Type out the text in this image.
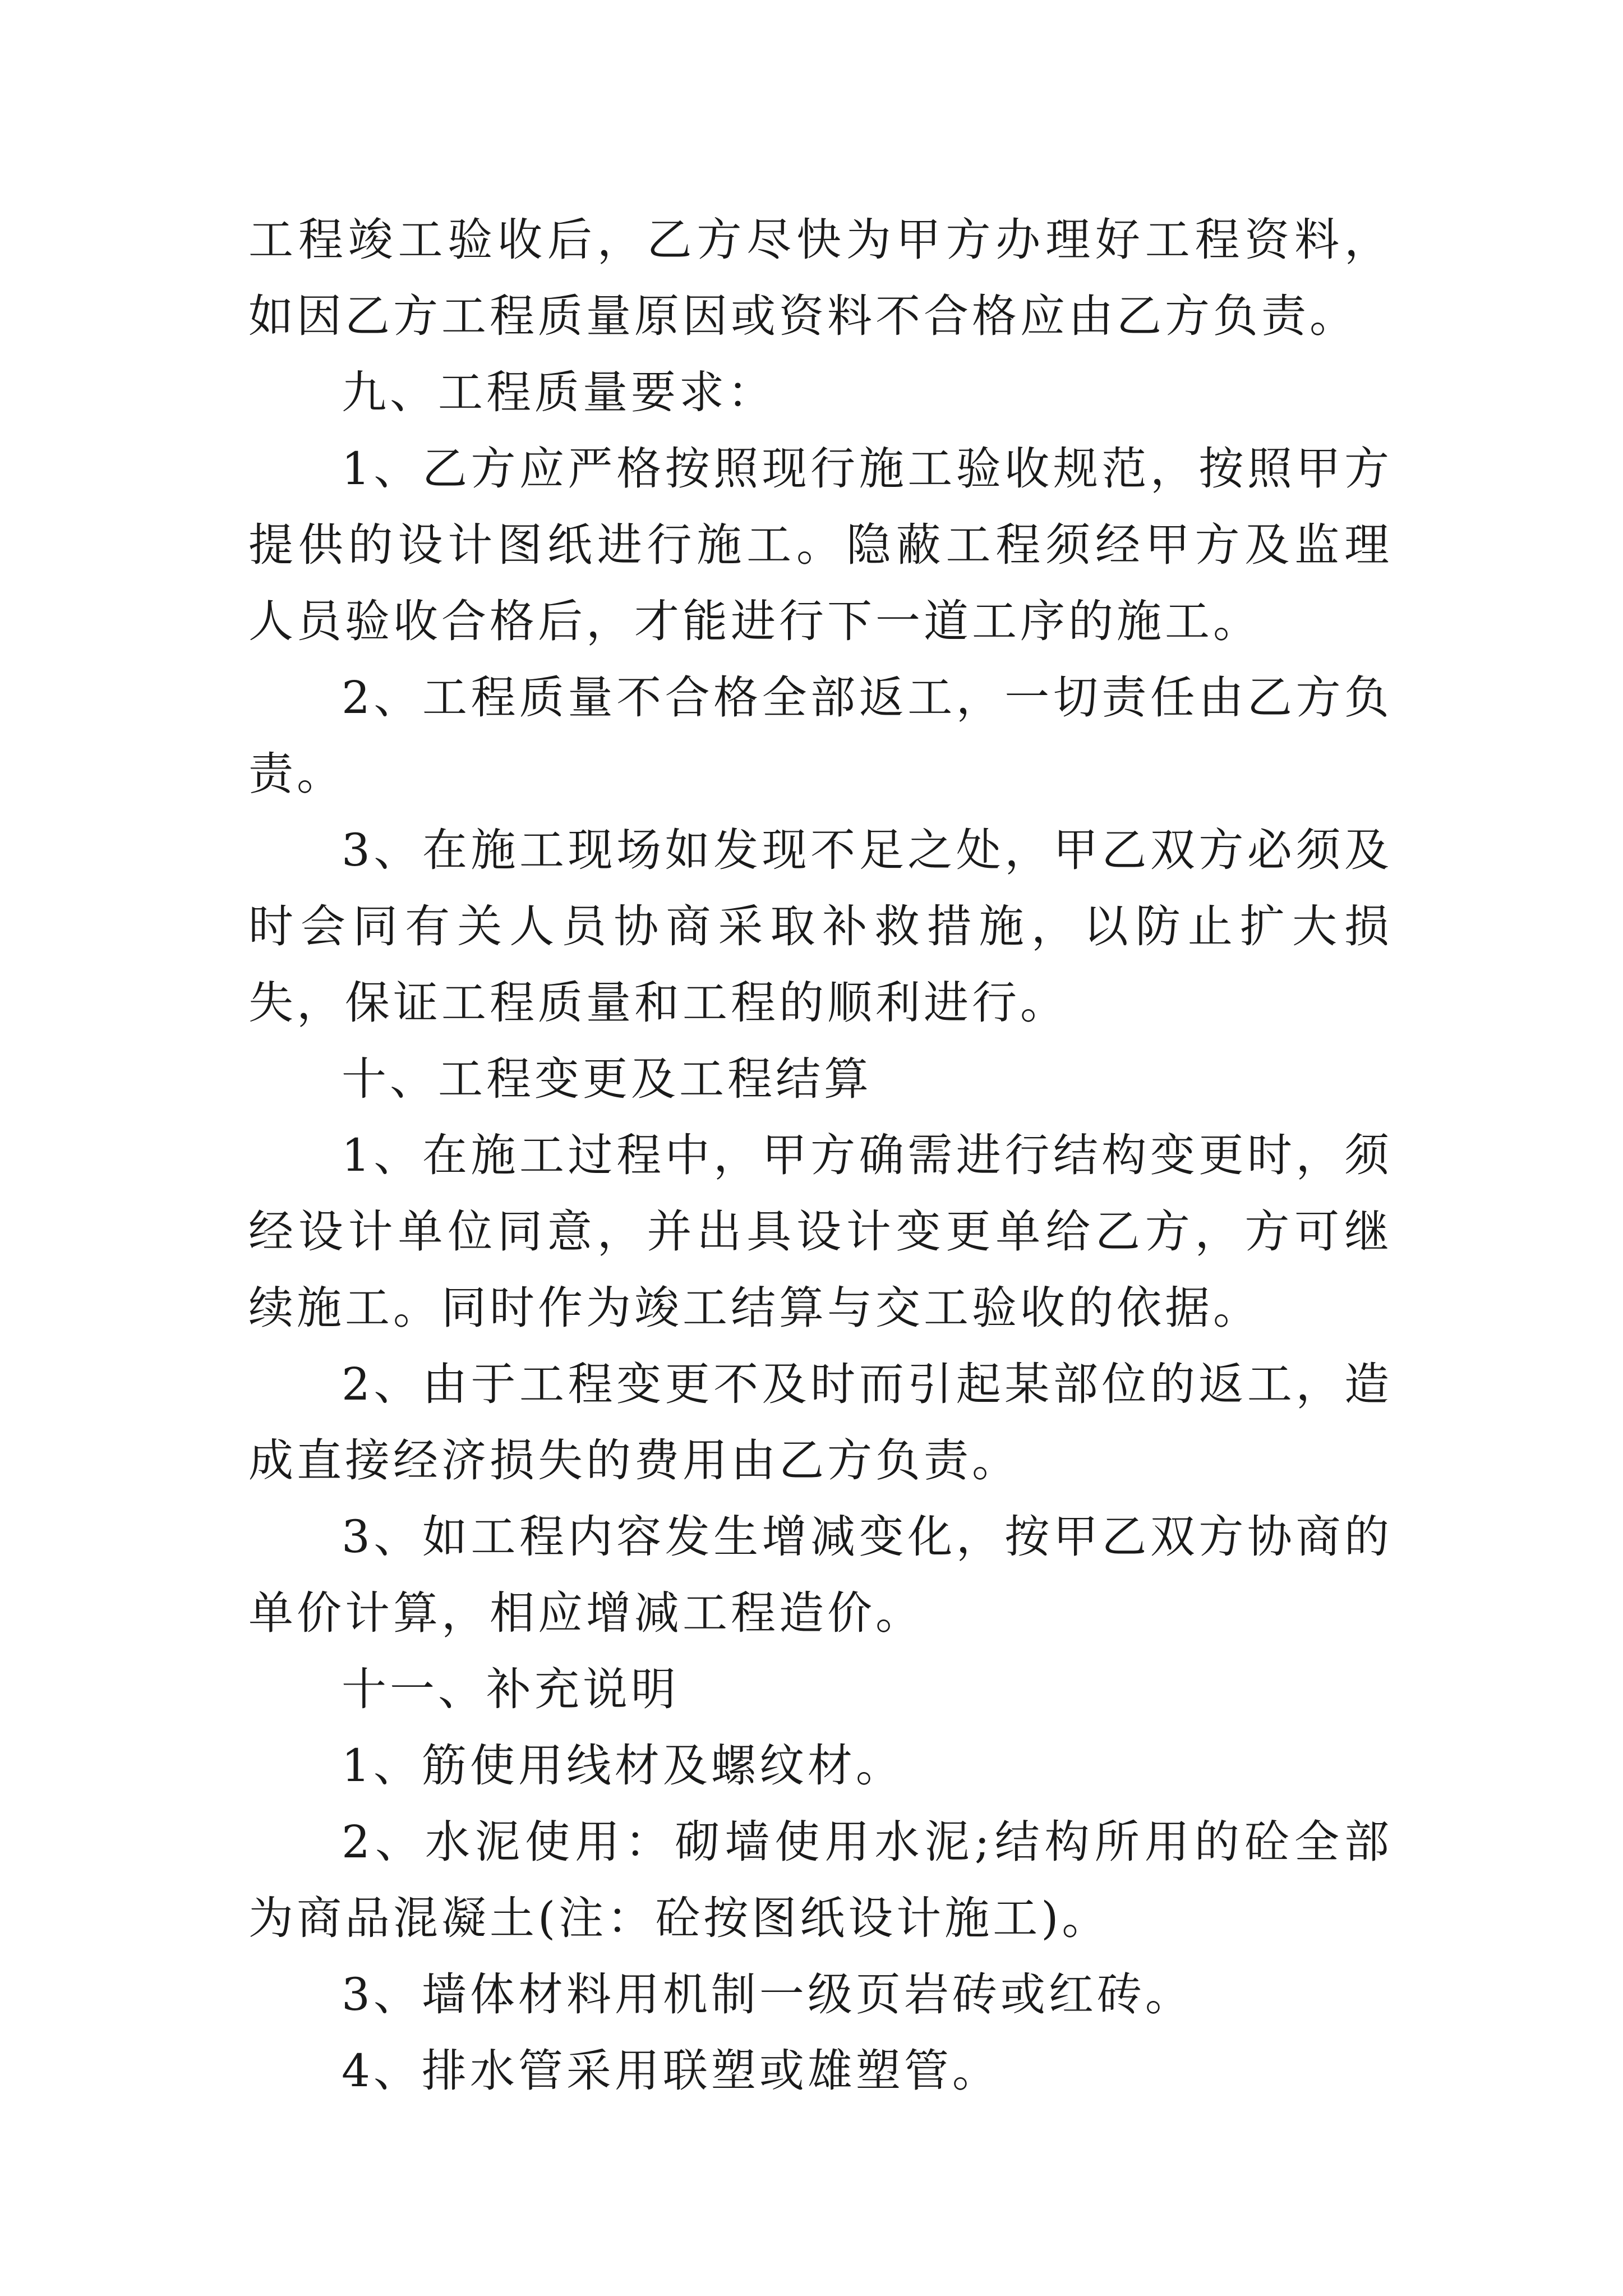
工程竣工验收后，乙方尽快为甲方办理好工程资料，如因乙方工程质量原因或资料不合格应由乙方负责。

九、工程质量要求：

1、乙方应严格按照现行施工验收规范，按照甲方提供的设计图纸进行施工。隐蔽工程须经甲方及监理人员验收合格后，才能进行下一道工序的施工。

2、工程质量不合格全部返工，一切责任由乙方负责。

3、在施工现场如发现不足之处，甲乙双方必须及时会同有关人员协商采取补救措施，以防止扩大损失，保证工程质量和工程的顺利进行。

十、工程变更及工程结算

1、在施工过程中，甲方确需进行结构变更时，须经设计单位同意，并出具设计变更单给乙方，方可继续施工。同时作为竣工结算与交工验收的依据。

2、由于工程变更不及时而引起某部位的返工，造成直接经济损失的费用由乙方负责。

3、如工程内容发生增减变化，按甲乙双方协商的单价计算，相应增减工程造价。

十一、补充说明

1、筋使用线材及螺纹材。

2、水泥使用：砌墙使用水泥;结构所用的砼全部为商品混凝土(注：砼按图纸设计施工)。

3、墙体材料用机制一级页岩砖或红砖。

4、排水管采用联塑或雄塑管。
